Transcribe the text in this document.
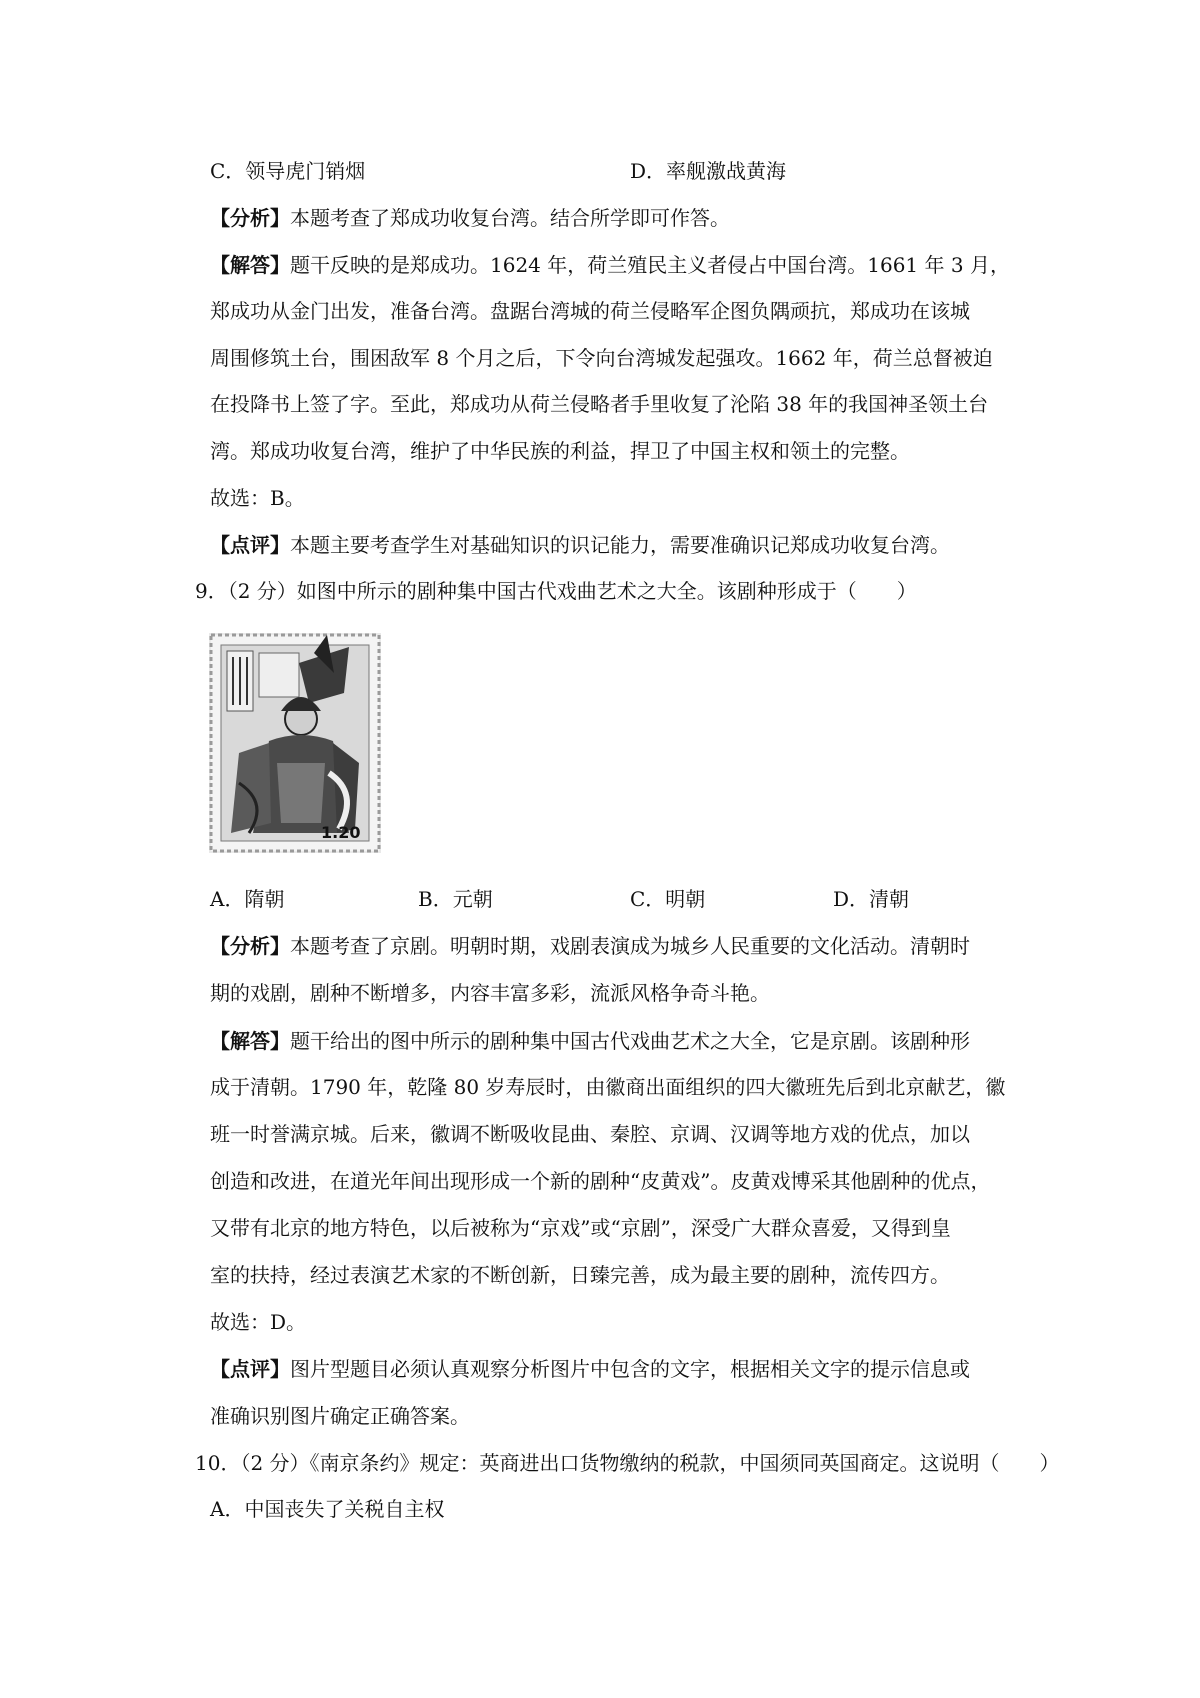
C．领导虎门销烟	D．率舰激战黄海
【分析】本题考查了郑成功收复台湾。结合所学即可作答。
【解答】题干反映的是郑成功。1624 年，荷兰殖民主义者侵占中国台湾。1661 年 3 月，
郑成功从金门出发，准备台湾。盘踞台湾城的荷兰侵略军企图负隅顽抗，郑成功在该城
周围修筑土台，围困敌军 8 个月之后，下令向台湾城发起强攻。1662 年，荷兰总督被迫
在投降书上签了字。至此，郑成功从荷兰侵略者手里收复了沦陷 38 年的我国神圣领土台
湾。郑成功收复台湾，维护了中华民族的利益，捍卫了中国主权和领土的完整。
故选：B。
【点评】本题主要考查学生对基础知识的识记能力，需要准确识记郑成功收复台湾。
9．（2 分）如图中所示的剧种集中国古代戏曲艺术之大全。该剧种形成于（　　）
1.20
A．隋朝	B．元朝	C．明朝	D．清朝
【分析】本题考查了京剧。明朝时期，戏剧表演成为城乡人民重要的文化活动。清朝时
期的戏剧，剧种不断增多，内容丰富多彩，流派风格争奇斗艳。
【解答】题干给出的图中所示的剧种集中国古代戏曲艺术之大全，它是京剧。该剧种形
成于清朝。1790 年，乾隆 80 岁寿辰时，由徽商出面组织的四大徽班先后到北京献艺，徽
班一时誉满京城。后来，徽调不断吸收昆曲、秦腔、京调、汉调等地方戏的优点，加以
创造和改进，在道光年间出现形成一个新的剧种“皮黄戏”。皮黄戏博采其他剧种的优点，
又带有北京的地方特色，以后被称为“京戏”或“京剧”，深受广大群众喜爱，又得到皇
室的扶持，经过表演艺术家的不断创新，日臻完善，成为最主要的剧种，流传四方。
故选：D。
【点评】图片型题目必须认真观察分析图片中包含的文字，根据相关文字的提示信息或
准确识别图片确定正确答案。
10．（2 分）《南京条约》规定：英商进出口货物缴纳的税款，中国须同英国商定。这说明（　　）
A．中国丧失了关税自主权
